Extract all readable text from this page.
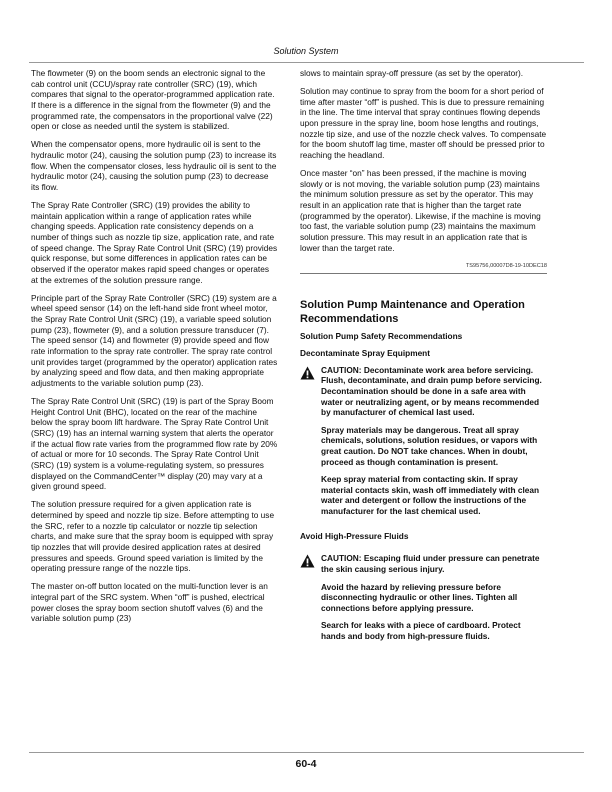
Solution System

The flowmeter (9) on the boom sends an electronic signal to the cab control unit (CCU)/spray rate controller (SRC) (19), which compares that signal to the operator-programmed application rate. If there is a difference in the signal from the flowmeter (9) and the programmed rate, the compensators in the proportional valve (22) open or close as needed until the system is stabilized.

When the compensator opens, more hydraulic oil is sent to the hydraulic motor (24), causing the solution pump (23) to increase its flow. When the compensator closes, less hydraulic oil is sent to the hydraulic motor (24), causing the solution pump (23) to decrease its flow.

The Spray Rate Controller (SRC) (19) provides the ability to maintain application within a range of application rates while changing speeds. Application rate consistency depends on a number of things such as nozzle tip size, application rate, and rate of speed change. The Spray Rate Control Unit (SRC) (19) provides quick response, but some differences in application rates can be observed if the operator makes rapid speed changes or operates at the extremes of the solution pressure range.

Principle part of the Spray Rate Controller (SRC) (19) system are a wheel speed sensor (14) on the left-hand side front wheel motor, the Spray Rate Control Unit (SRC) (19), a variable speed solution pump (23), flowmeter (9), and a solution pressure transducer (7). The speed sensor (14) and flowmeter (9) provide speed and flow rate information to the spray rate controller. The spray rate control unit provides target (programmed by the operator) application rates by analyzing speed and flow data, and then making appropriate adjustments to the variable solution pump (23).

The Spray Rate Control Unit (SRC) (19) is part of the Spray Boom Height Control Unit (BHC), located on the rear of the machine below the spray boom lift hardware. The Spray Rate Control Unit (SRC) (19) has an internal warning system that alerts the operator if the actual flow rate varies from the programmed flow rate by 20% of actual or more for 10 seconds. The Spray Rate Control Unit (SRC) (19) system is a volume-regulating system, so pressures displayed on the CommandCenter™ display (20) may vary at a given ground speed.

The solution pressure required for a given application rate is determined by speed and nozzle tip size. Before attempting to use the SRC, refer to a nozzle tip calculator or nozzle tip selection charts, and make sure that the spray boom is equipped with spray tip nozzles that will provide desired application rates at desired pressures and speeds. Ground speed variation is limited by the operating pressure range of the nozzle tips.

The master on-off button located on the multi-function lever is an integral part of the SRC system. When “off” is pushed, electrical power closes the spray boom section shutoff valves (6) and the variable solution pump (23)

slows to maintain spray-off pressure (as set by the operator).

Solution may continue to spray from the boom for a short period of time after master “off” is pushed. This is due to pressure remaining in the line. The time interval that spray continues flowing depends upon pressure in the spray line, boom hose lengths and routings, nozzle tip size, and use of the nozzle check valves. To compensate for the boom shutoff lag time, master off should be pressed prior to reaching the headland.

Once master “on” has been pressed, if the machine is moving slowly or is not moving, the variable solution pump (23) maintains the minimum solution pressure as set by the operator. This may result in an application rate that is higher than the target rate (programmed by the operator). Likewise, if the machine is moving too fast, the variable solution pump (23) maintains the maximum solution pressure. This may result in an application rate that is lower than the target rate.

TS95756,00007D8-19-10DEC18
Solution Pump Maintenance and Operation Recommendations
Solution Pump Safety Recommendations
Decontaminate Spray Equipment

CAUTION: Decontaminate work area before servicing. Flush, decontaminate, and drain pump before servicing. Decontamination should be done in a safe area with water or neutralizing agent, or by means recommended by manufacturer of chemical last used.

Spray materials may be dangerous. Treat all spray chemicals, solutions, solution residues, or vapors with great caution. Do NOT take chances. When in doubt, proceed as though contamination is present.

Keep spray material from contacting skin. If spray material contacts skin, wash off immediately with clean water and detergent or follow the instructions of the manufacturer for the last chemical used.

Avoid High-Pressure Fluids

CAUTION: Escaping fluid under pressure can penetrate the skin causing serious injury.

Avoid the hazard by relieving pressure before disconnecting hydraulic or other lines. Tighten all connections before applying pressure.

Search for leaks with a piece of cardboard. Protect hands and body from high-pressure fluids.

60-4
